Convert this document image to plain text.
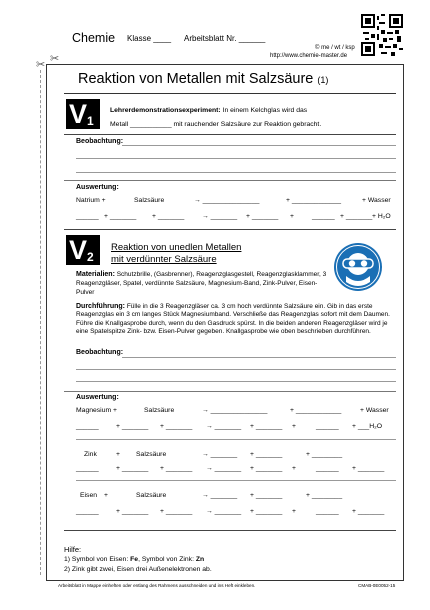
Chemie Klasse ____ Arbeitsblatt Nr. ______
© me / wt / ksp
http://www.chemie-master.de
✂
✂
Reaktion von Metallen mit Salzsäure (1)
$V_1$
Lehrerdemonstrationsexperiment: In einem Kelchglas wird das
Metall ___________ mit rauchender Salzsäure zur Reaktion gebracht.
Beobachtung:
Auswertung:
Natrium +	Salzsäure	→ _______________	+ _____________	+ Wasser
______ + _______ + _______	→ _______ + _______ +	______ + _______ + H₂O
$V_2$
Reaktion von unedlen Metallen
mit verdünnter Salzsäure
Materialien: Schutzbrille, (Gasbrenner), Reagenzglasgestell, Reagenzglasklammer, 3 Reagenzgläser, Spatel, verdünnte Salzsäure, Magnesium-Band, Zink-Pulver, Eisen-Pulver
Durchführung: Fülle in die 3 Reagenzgläser ca. 3 cm hoch verdünnte Salzsäure ein. Gib in das erste Reagenzglas ein 3 cm langes Stück Magnesiumband. Verschließe das Reagenzglas sofort mit dem Daumen. Führe die Knallgasprobe durch, wenn du den Gasdruck spürst. In die beiden anderen Reagenzgläser wird je eine Spatelspitze Zink- bzw. Eisen-Pulver gegeben. Knallgasprobe wie oben beschrieben durchführen.
Beobachtung:
Auswertung:
Magnesium +	Salzsäure	→ _______________	+ ____________	+ Wasser
______	+ _______ + _______ → _______ + _______ +	______ + ___H₂O
Zink	+ Salzsäure	→ _______ + _______	+ ________
______	+ _______ + _______ → _______ + _______ +	______ + _______
Eisen +	Salzsäure	→ _______ + _______	+ ________
______	+ _______ + _______ → _______ + _______ +	______ + _______
Hilfe:
1) Symbol von Eisen: Fe, Symbol von Zink: Zn
2) Zink gibt zwei, Eisen drei Außenelektronen ab.
Arbeitsblatt in Mappe einheften oder entlang des Rahmens ausschneiden und ins Heft einkleben.	CMAB-0E0052-15
